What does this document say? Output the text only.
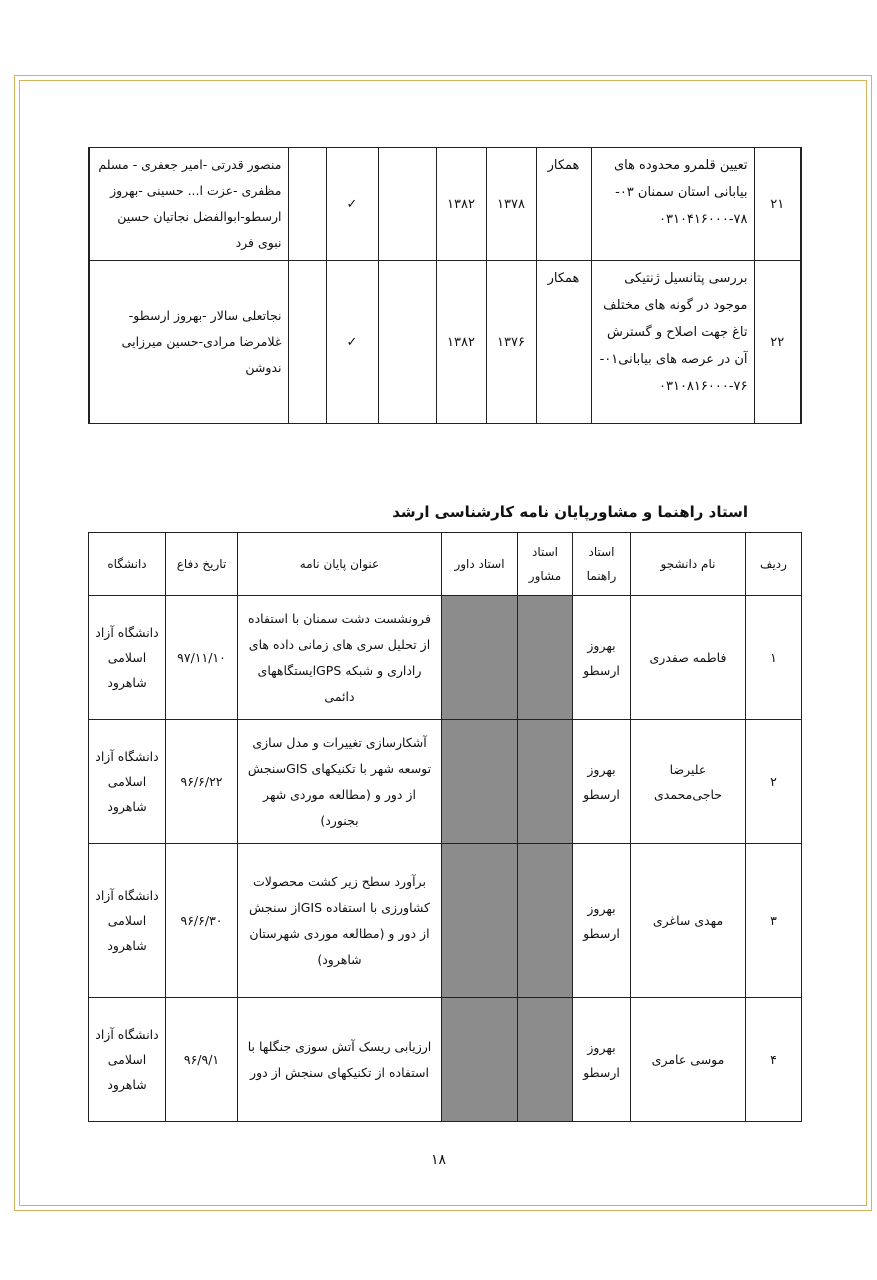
۲۱	تعیین قلمرو محدوده های بیابانی استان سمنان ۰۳- ۷۸-۰۳۱۰۴۱۶۰۰۰	همکار	۱۳۷۸	۱۳۸۲		✓		منصور قدرتی -امیر جعفری - مسلم مظفری -عزت ا... حسینی -بهروز ارسطو-ابوالفضل نجاتیان حسین نبوی فرد
۲۲	بررسی پتانسیل ژنتیکی موجود در گونه های مختلف تاغ جهت اصلاح و گسترش آن در عرصه های بیابانی۰۱- ۷۶-۰۳۱۰۸۱۶۰۰۰	همکار	۱۳۷۶	۱۳۸۲		✓		نجاتعلی سالار -بهروز ارسطو- غلامرضا مرادی-حسین میرزایی ندوشن
استاد راهنما و مشاورپایان نامه کارشناسی ارشد
ردیف	نام دانشجو	استاد راهنما	استاد مشاور	استاد داور	عنوان پایان نامه	تاریخ دفاع	دانشگاه
۱	فاطمه صفدری	بهروز ارسطو			فرونشست دشت سمنان با استفاده از تحلیل سری های زمانی داده های راداری و شبکه GPSایستگاههای دائمی	۹۷/۱۱/۱۰	دانشگاه آزاد اسلامی شاهرود
۲	علیرضا حاجی‌محمدی	بهروز ارسطو			آشکارسازی تغییرات و مدل سازی توسعه شهر با تکنیکهای GISسنجش از دور و (مطالعه موردی شهر بجنورد)	۹۶/۶/۲۲	دانشگاه آزاد اسلامی شاهرود
۳	مهدی ساغری	بهروز ارسطو			برآورد سطح زیر کشت محصولات کشاورزی با استفاده GISاز سنجش از دور و (مطالعه موردی شهرستان شاهرود)	۹۶/۶/۳۰	دانشگاه آزاد اسلامی شاهرود
۴	موسی عامری	بهروز ارسطو			ارزیابی ریسک آتش سوزی جنگلها با استفاده از تکنیکهای سنجش از دور	۹۶/۹/۱	دانشگاه آزاد اسلامی شاهرود
۱۸
